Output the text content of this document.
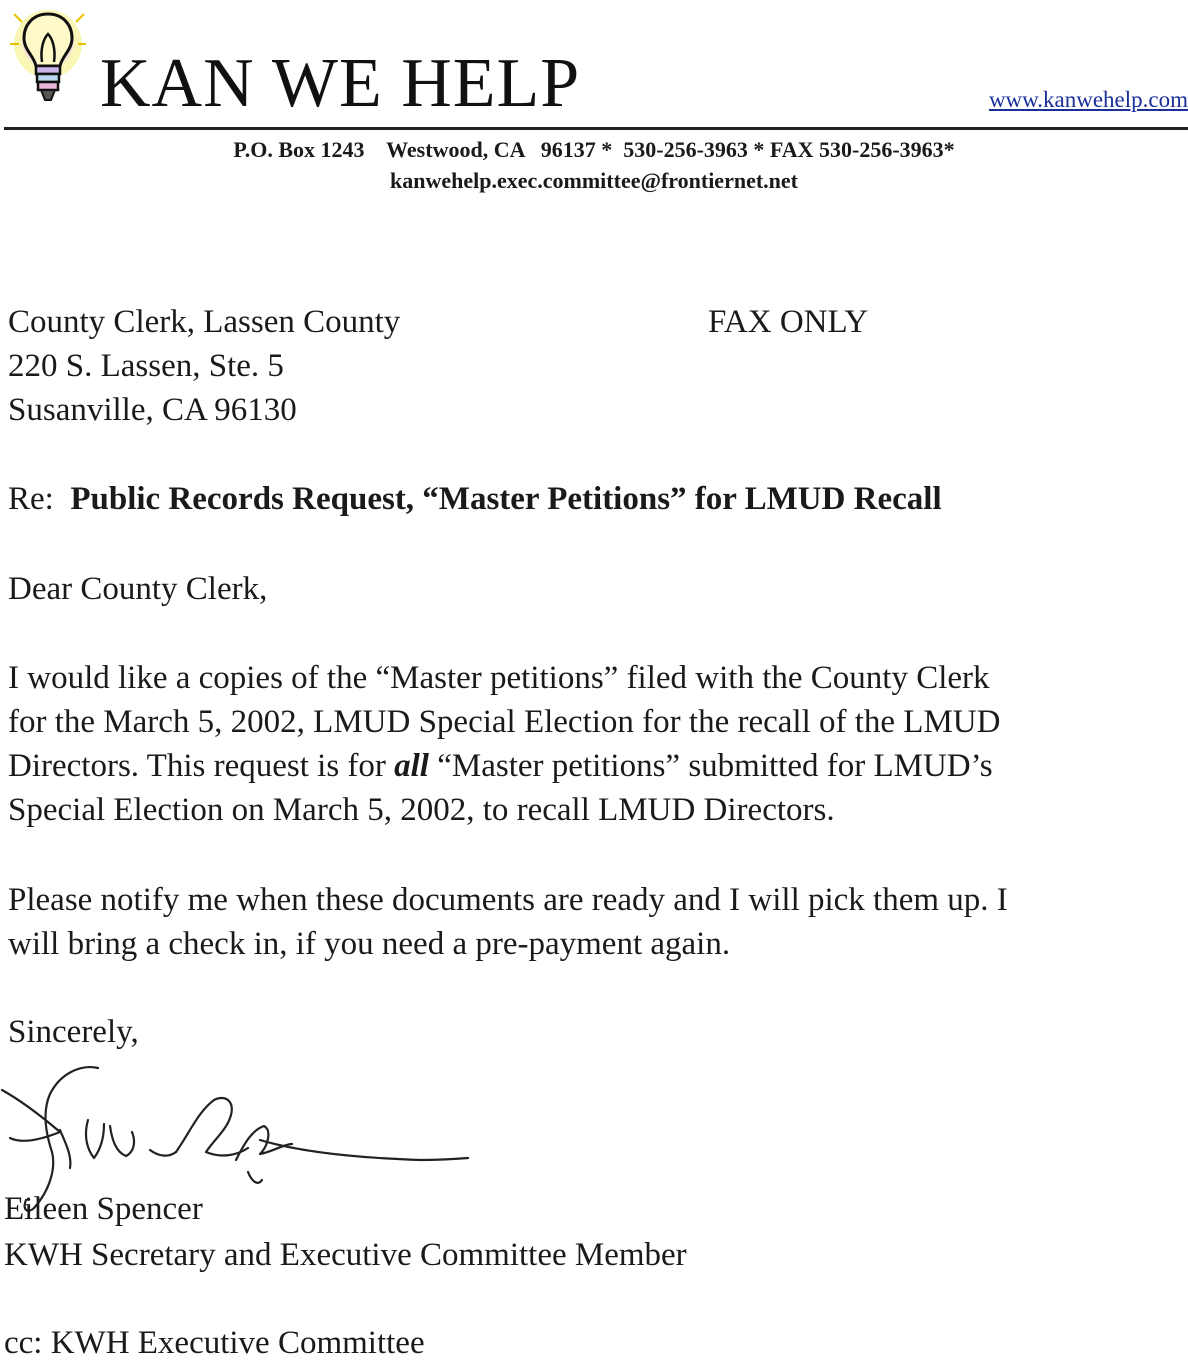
KAN WE HELP	www.kanwehelp.com
P.O. Box 1243    Westwood, CA   96137 *  530-256-3963 * FAX 530-256-3963*
kanwehelp.exec.committee@frontiernet.net
County Clerk, Lassen County
220 S. Lassen, Ste. 5
Susanville, CA 96130
FAX ONLY
Re: Public Records Request, “Master Petitions” for LMUD Recall
Dear County Clerk,
I would like a copies of the “Master petitions” filed with the County Clerk
for the March 5, 2002, LMUD Special Election for the recall of the LMUD
Directors. This request is for all “Master petitions” submitted for LMUD’s
Special Election on March 5, 2002, to recall LMUD Directors.
Please notify me when these documents are ready and I will pick them up. I
will bring a check in, if you need a pre-payment again.
Sincerely,
Eileen Spencer
KWH Secretary and Executive Committee Member
cc: KWH Executive Committee
